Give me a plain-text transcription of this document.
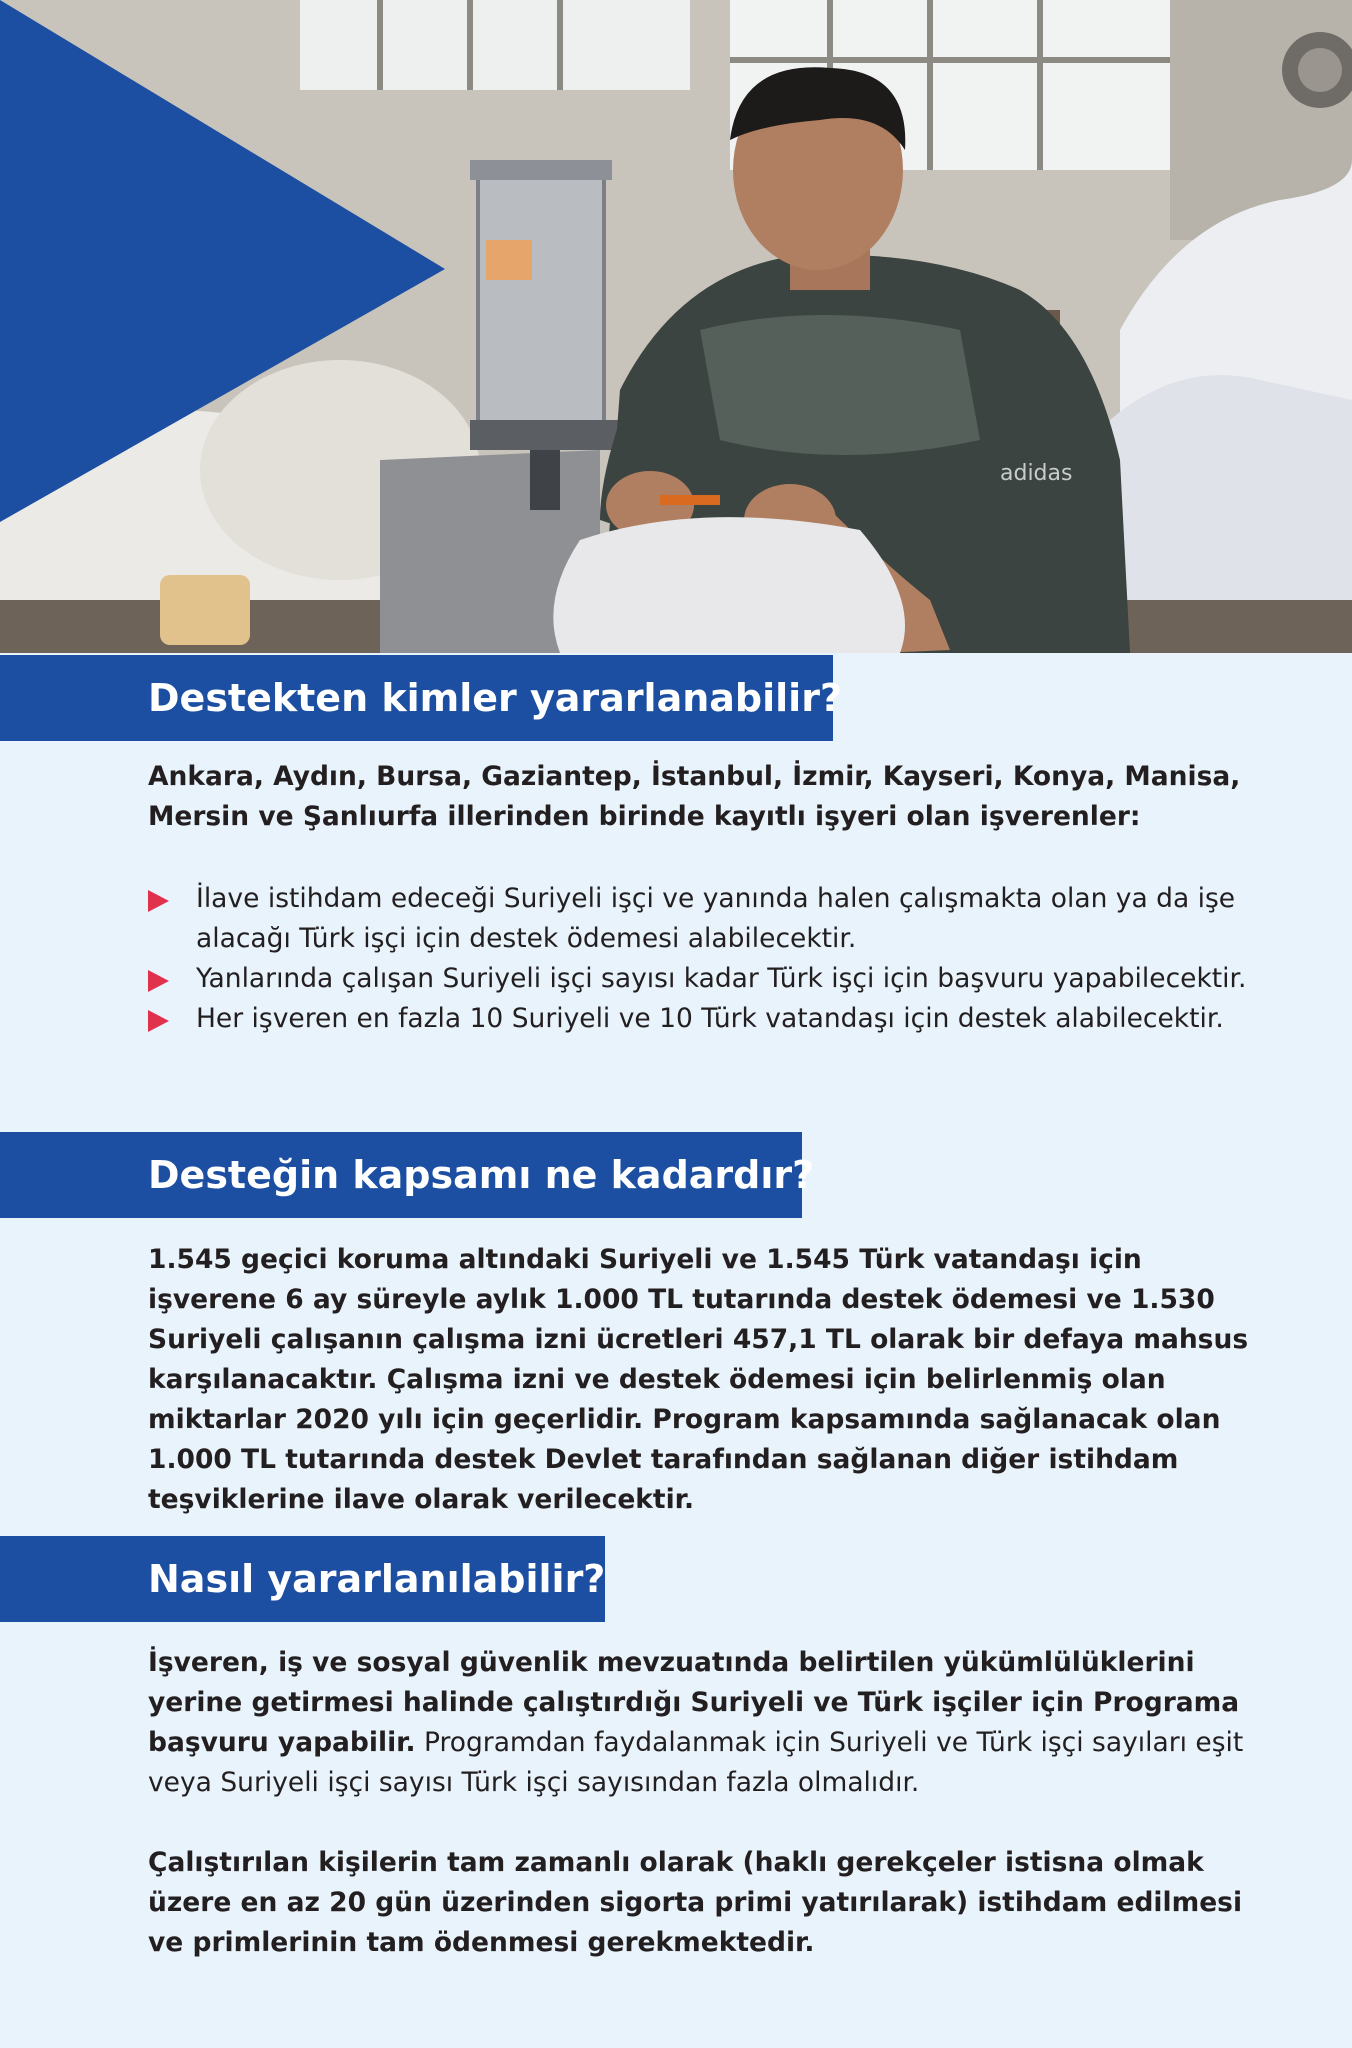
adidas
Destekten kimler yararlanabilir?
Ankara, Aydın, Bursa, Gaziantep, İstanbul, İzmir, Kayseri, Konya, Manisa, Mersin ve Şanlıurfa illerinden birinde kayıtlı işyeri olan işverenler:
İlave istihdam edeceği Suriyeli işçi ve yanında halen çalışmakta olan ya da işe alacağı Türk işçi için destek ödemesi alabilecektir.
Yanlarında çalışan Suriyeli işçi sayısı kadar Türk işçi için başvuru yapabilecektir.
Her işveren en fazla 10 Suriyeli ve 10 Türk vatandaşı için destek alabilecektir.
Desteğin kapsamı ne kadardır?
1.545 geçici koruma altındaki Suriyeli ve 1.545 Türk vatandaşı için işverene 6 ay süreyle aylık 1.000 TL tutarında destek ödemesi ve 1.530 Suriyeli çalışanın çalışma izni ücretleri 457,1 TL olarak bir defaya mahsus karşılanacaktır. Çalışma izni ve destek ödemesi için belirlenmiş olan miktarlar 2020 yılı için geçerlidir. Program kapsamında sağlanacak olan 1.000 TL tutarında destek Devlet tarafından sağlanan diğer istihdam teşviklerine ilave olarak verilecektir.
Nasıl yararlanılabilir?
İşveren, iş ve sosyal güvenlik mevzuatında belirtilen yükümlülüklerini yerine getirmesi halinde çalıştırdığı Suriyeli ve Türk işçiler için Programa başvuru yapabilir. Programdan faydalanmak için Suriyeli ve Türk işçi sayıları eşit veya Suriyeli işçi sayısı Türk işçi sayısından fazla olmalıdır.
Çalıştırılan kişilerin tam zamanlı olarak (haklı gerekçeler istisna olmak üzere en az 20 gün üzerinden sigorta primi yatırılarak) istihdam edilmesi ve primlerinin tam ödenmesi gerekmektedir.
